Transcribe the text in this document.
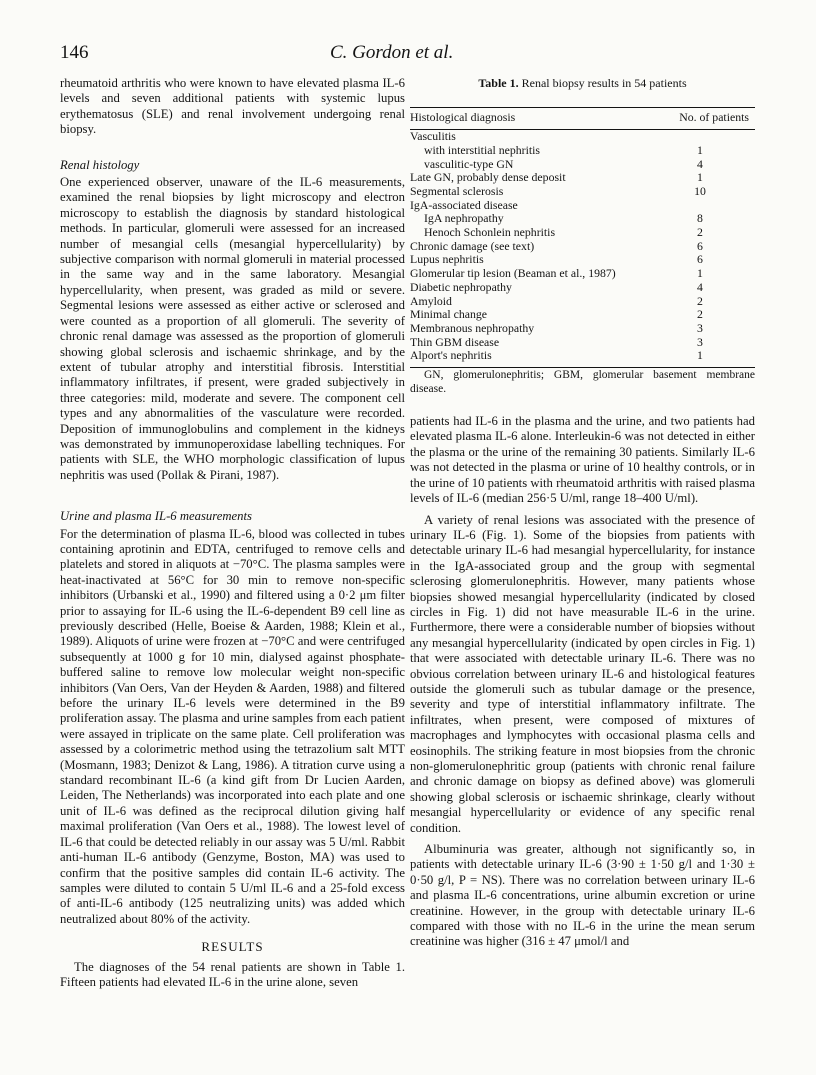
146	C. Gordon et al.

rheumatoid arthritis who were known to have elevated plasma IL-6 levels and seven additional patients with systemic lupus erythematosus (SLE) and renal involvement undergoing renal biopsy.

Renal histology

One experienced observer, unaware of the IL-6 measurements, examined the renal biopsies by light microscopy and electron microscopy to establish the diagnosis by standard histological methods. In particular, glomeruli were assessed for an increased number of mesangial cells (mesangial hypercellularity) by subjective comparison with normal glomeruli in material processed in the same way and in the same laboratory. Mesangial hypercellularity, when present, was graded as mild or severe. Segmental lesions were assessed as either active or sclerosed and were counted as a proportion of all glomeruli. The severity of chronic renal damage was assessed as the proportion of glomeruli showing global sclerosis and ischaemic shrinkage, and by the extent of tubular atrophy and interstitial fibrosis. Interstitial inflammatory infiltrates, if present, were graded subjectively in three categories: mild, moderate and severe. The component cell types and any abnormalities of the vasculature were recorded. Deposition of immunoglobulins and complement in the kidneys was demonstrated by immunoperoxidase labelling techniques. For patients with SLE, the WHO morphologic classification of lupus nephritis was used (Pollak & Pirani, 1987).

Urine and plasma IL-6 measurements

For the determination of plasma IL-6, blood was collected in tubes containing aprotinin and EDTA, centrifuged to remove cells and platelets and stored in aliquots at −70°C. The plasma samples were heat-inactivated at 56°C for 30 min to remove non-specific inhibitors (Urbanski et al., 1990) and filtered using a 0·2 μm filter prior to assaying for IL-6 using the IL-6-dependent B9 cell line as previously described (Helle, Boeise & Aarden, 1988; Klein et al., 1989). Aliquots of urine were frozen at −70°C and were centrifuged subsequently at 1000 g for 10 min, dialysed against phosphate-buffered saline to remove low molecular weight non-specific inhibitors (Van Oers, Van der Heyden & Aarden, 1988) and filtered before the urinary IL-6 levels were determined in the B9 proliferation assay. The plasma and urine samples from each patient were assayed in triplicate on the same plate. Cell proliferation was assessed by a colorimetric method using the tetrazolium salt MTT (Mosmann, 1983; Denizot & Lang, 1986). A titration curve using a standard recombinant IL-6 (a kind gift from Dr Lucien Aarden, Leiden, The Netherlands) was incorporated into each plate and one unit of IL-6 was defined as the reciprocal dilution giving half maximal proliferation (Van Oers et al., 1988). The lowest level of IL-6 that could be detected reliably in our assay was 5 U/ml. Rabbit anti-human IL-6 antibody (Genzyme, Boston, MA) was used to confirm that the positive samples did contain IL-6 activity. The samples were diluted to contain 5 U/ml IL-6 and a 25-fold excess of anti-IL-6 antibody (125 neutralizing units) was added which neutralized about 80% of the activity.

RESULTS

The diagnoses of the 54 renal patients are shown in Table 1. Fifteen patients had elevated IL-6 in the urine alone, seven

Table 1. Renal biopsy results in 54 patients
Histological diagnosis	No. of patients
Vasculitis	
with interstitial nephritis	1
vasculitic-type GN	4
Late GN, probably dense deposit	1
Segmental sclerosis	10
IgA-associated disease	
IgA nephropathy	8
Henoch Schonlein nephritis	2
Chronic damage (see text)	6
Lupus nephritis	6
Glomerular tip lesion (Beaman et al., 1987)	1
Diabetic nephropathy	4
Amyloid	2
Minimal change	2
Membranous nephropathy	3
Thin GBM disease	3
Alport's nephritis	1

GN, glomerulonephritis; GBM, glomerular basement membrane disease.

patients had IL-6 in the plasma and the urine, and two patients had elevated plasma IL-6 alone. Interleukin-6 was not detected in either the plasma or the urine of the remaining 30 patients. Similarly IL-6 was not detected in the plasma or urine of 10 healthy controls, or in the urine of 10 patients with rheumatoid arthritis with raised plasma levels of IL-6 (median 256·5 U/ml, range 18–400 U/ml).

A variety of renal lesions was associated with the presence of urinary IL-6 (Fig. 1). Some of the biopsies from patients with detectable urinary IL-6 had mesangial hypercellularity, for instance in the IgA-associated group and the group with segmental sclerosing glomerulonephritis. However, many patients whose biopsies showed mesangial hypercellularity (indicated by closed circles in Fig. 1) did not have measurable IL-6 in the urine. Furthermore, there were a considerable number of biopsies without any mesangial hypercellularity (indicated by open circles in Fig. 1) that were associated with detectable urinary IL-6. There was no obvious correlation between urinary IL-6 and histological features outside the glomeruli such as tubular damage or the presence, severity and type of interstitial inflammatory infiltrate. The infiltrates, when present, were composed of mixtures of macrophages and lymphocytes with occasional plasma cells and eosinophils. The striking feature in most biopsies from the chronic non-glomerulonephritic group (patients with chronic renal failure and chronic damage on biopsy as defined above) was glomeruli showing global sclerosis or ischaemic shrinkage, clearly without mesangial hypercellularity or evidence of any specific renal condition.

Albuminuria was greater, although not significantly so, in patients with detectable urinary IL-6 (3·90 ± 1·50 g/l and 1·30 ± 0·50 g/l, P = NS). There was no correlation between urinary IL-6 and plasma IL-6 concentrations, urine albumin excretion or urine creatinine. However, in the group with detectable urinary IL-6 compared with those with no IL-6 in the urine the mean serum creatinine was higher (316 ± 47 μmol/l and
